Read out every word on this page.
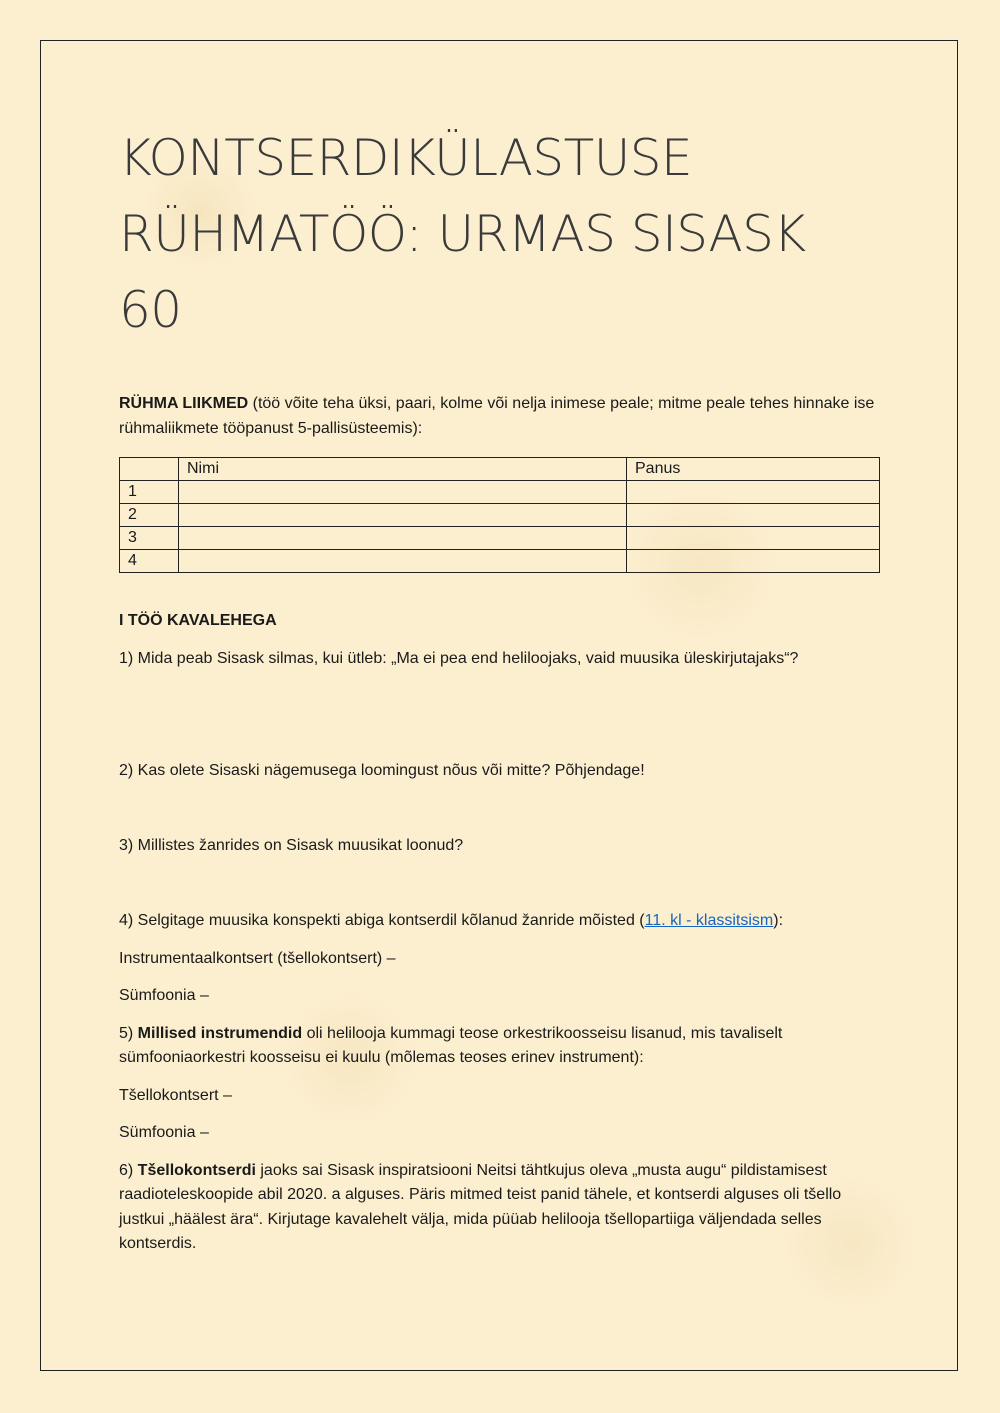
KONTSERDIKÜLASTUSE
RÜHMATÖÖ: URMAS SISASK 60

RÜHMA LIIKMED (töö võite teha üksi, paari, kolme või nelja inimese peale; mitme peale tehes hinnake ise rühmaliikmete tööpanust 5-pallisüsteemis):

	Nimi	Panus
1		
2		
3		
4		

I TÖÖ KAVALEHEGA

1) Mida peab Sisask silmas, kui ütleb: „Ma ei pea end heliloojaks, vaid muusika üleskirjutajaks“?

2) Kas olete Sisaski nägemusega loomingust nõus või mitte? Põhjendage!

3) Millistes žanrides on Sisask muusikat loonud?

4) Selgitage muusika konspekti abiga kontserdil kõlanud žanride mõisted (11. kl - klassitsism):

Instrumentaalkontsert (tšellokontsert) –

Sümfoonia –

5) Millised instrumendid oli helilooja kummagi teose orkestrikoosseisu lisanud, mis tavaliselt sümfooniaorkestri koosseisu ei kuulu (mõlemas teoses erinev instrument):

Tšellokontsert –

Sümfoonia –

6) Tšellokontserdi jaoks sai Sisask inspiratsiooni Neitsi tähtkujus oleva „musta augu“ pildistamisest raadioteleskoopide abil 2020. a alguses. Päris mitmed teist panid tähele, et kontserdi alguses oli tšello justkui „häälest ära“. Kirjutage kavalehelt välja, mida püüab helilooja tšellopartiiga väljendada selles kontserdis.
